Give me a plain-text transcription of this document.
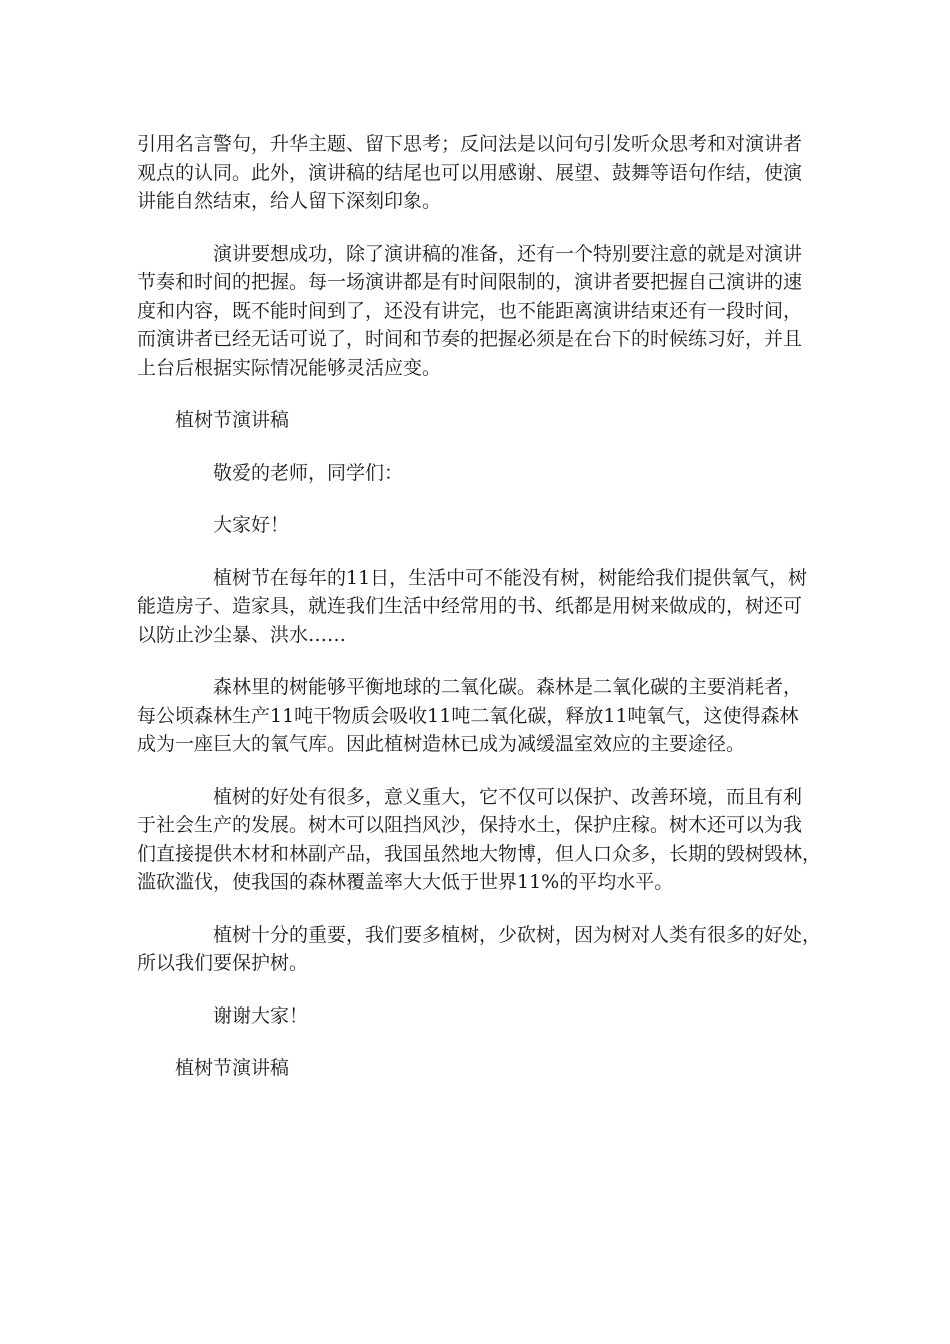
引用名言警句，升华主题、留下思考；反问法是以问句引发听众思考和对演讲者
观点的认同。此外，演讲稿的结尾也可以用感谢、展望、鼓舞等语句作结，使演
讲能自然结束，给人留下深刻印象。
演讲要想成功，除了演讲稿的准备，还有一个特别要注意的就是对演讲
节奏和时间的把握。每一场演讲都是有时间限制的，演讲者要把握自己演讲的速
度和内容，既不能时间到了，还没有讲完，也不能距离演讲结束还有一段时间，
而演讲者已经无话可说了，时间和节奏的把握必须是在台下的时候练习好，并且
上台后根据实际情况能够灵活应变。
植树节演讲稿
敬爱的老师，同学们：
大家好！
植树节在每年的11日，生活中可不能没有树，树能给我们提供氧气，树
能造房子、造家具，就连我们生活中经常用的书、纸都是用树来做成的，树还可
以防止沙尘暴、洪水……
森林里的树能够平衡地球的二氧化碳。森林是二氧化碳的主要消耗者，
每公顷森林生产11吨干物质会吸收11吨二氧化碳，释放11吨氧气，这使得森林
成为一座巨大的氧气库。因此植树造林已成为减缓温室效应的主要途径。
植树的好处有很多，意义重大，它不仅可以保护、改善环境，而且有利
于社会生产的发展。树木可以阻挡风沙，保持水土，保护庄稼。树木还可以为我
们直接提供木材和林副产品，我国虽然地大物博，但人口众多，长期的毁树毁林，
滥砍滥伐，使我国的森林覆盖率大大低于世界11%的平均水平。
植树十分的重要，我们要多植树，少砍树，因为树对人类有很多的好处，
所以我们要保护树。
谢谢大家！
植树节演讲稿
